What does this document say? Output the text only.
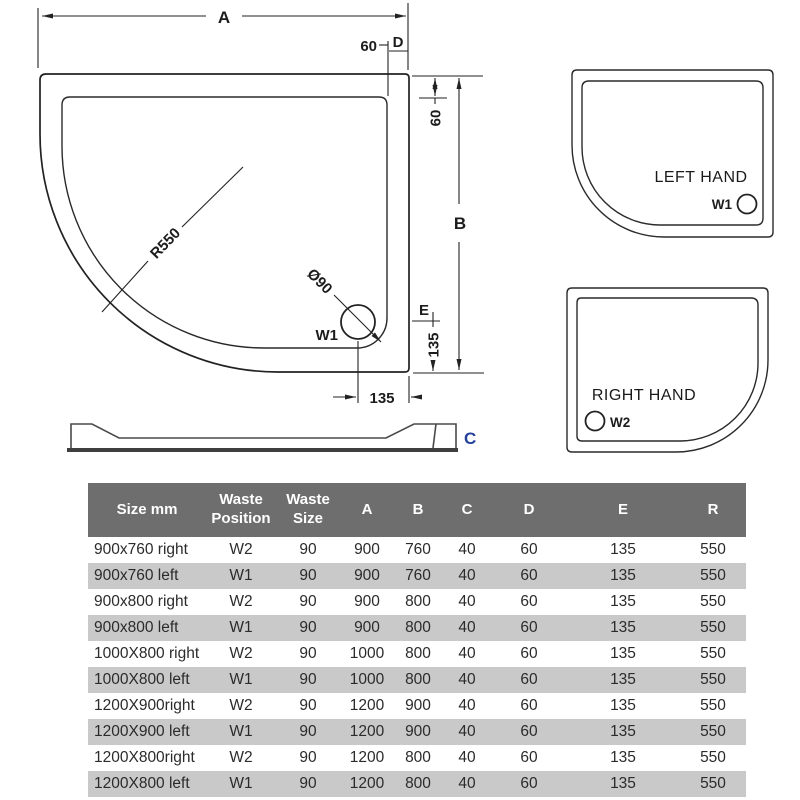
A
60 D
60
B
R550
Ø90
W1
E
135
135
C
LEFT HAND
W1
RIGHT HAND
W2
Size mm	Waste Position	Waste Size	A	B	C	D	E	R
900x760 right	W2	90	900	760	40	60	135	550
900x760 left	W1	90	900	760	40	60	135	550
900x800 right	W2	90	900	800	40	60	135	550
900x800 left	W1	90	900	800	40	60	135	550
1000X800 right	W2	90	1000	800	40	60	135	550
1000X800 left	W1	90	1000	800	40	60	135	550
1200X900right	W2	90	1200	900	40	60	135	550
1200X900 left	W1	90	1200	900	40	60	135	550
1200X800right	W2	90	1200	800	40	60	135	550
1200X800 left	W1	90	1200	800	40	60	135	550
